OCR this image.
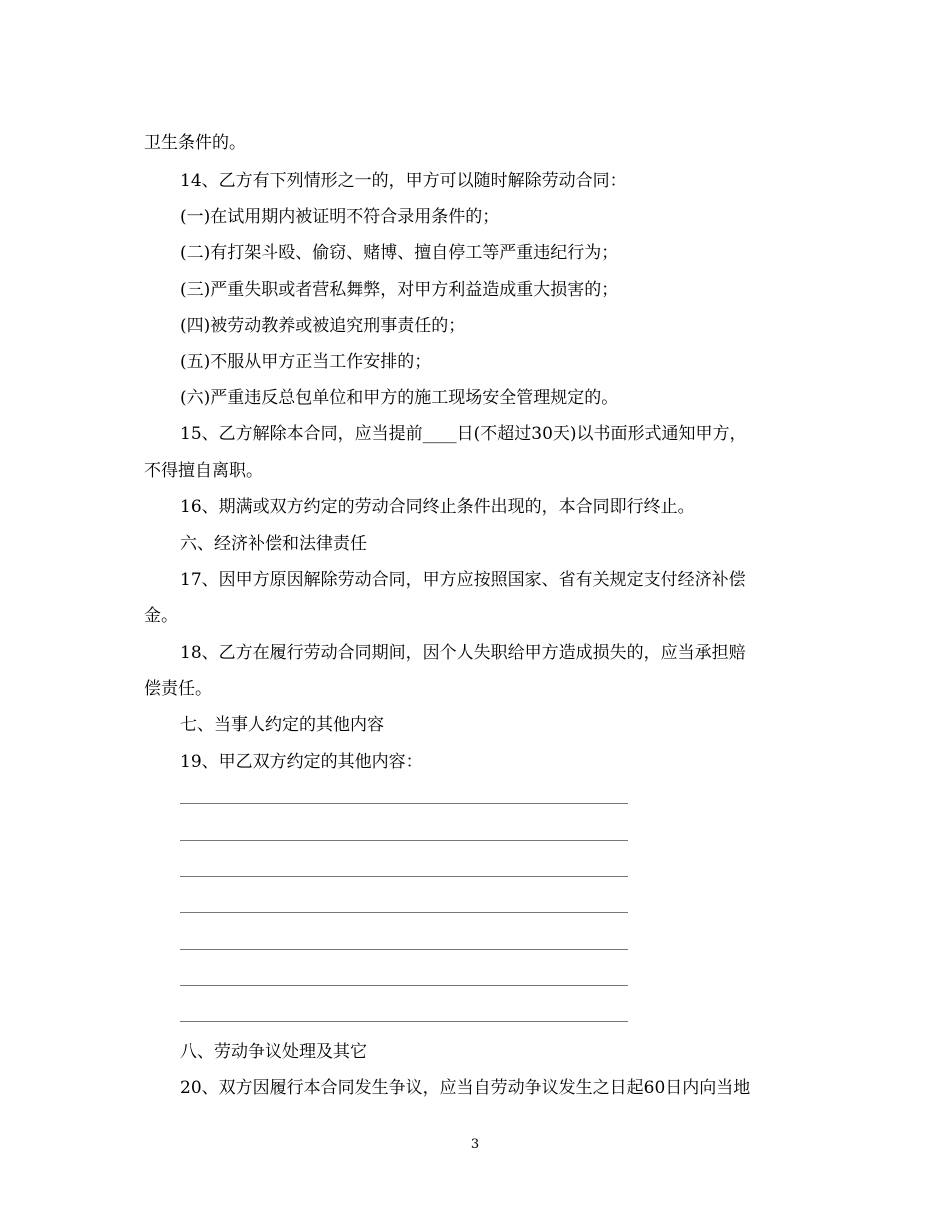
卫生条件的。
14、乙方有下列情形之一的，甲方可以随时解除劳动合同：
(一)在试用期内被证明不符合录用条件的；
(二)有打架斗殴、偷窃、赌博、擅自停工等严重违纪行为；
(三)严重失职或者营私舞弊，对甲方利益造成重大损害的；
(四)被劳动教养或被追究刑事责任的；
(五)不服从甲方正当工作安排的；
(六)严重违反总包单位和甲方的施工现场安全管理规定的。
15、乙方解除本合同，应当提前____日(不超过30天)以书面形式通知甲方，
不得擅自离职。
16、期满或双方约定的劳动合同终止条件出现的，本合同即行终止。
六、经济补偿和法律责任
17、因甲方原因解除劳动合同，甲方应按照国家、省有关规定支付经济补偿
金。
18、乙方在履行劳动合同期间，因个人失职给甲方造成损失的，应当承担赔
偿责任。
七、当事人约定的其他内容
19、甲乙双方约定的其他内容：
八、劳动争议处理及其它
20、双方因履行本合同发生争议，应当自劳动争议发生之日起60日内向当地
3
